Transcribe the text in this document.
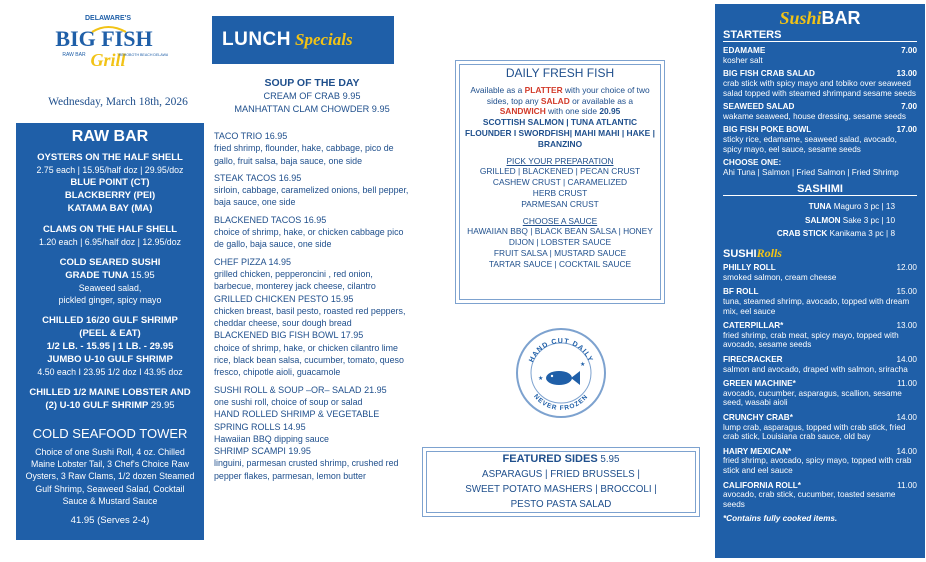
DELAWARE'S
BIG FISH
Grill
RAW BAR	REHOBOTH BEACH DELAWARE
Wednesday, March 18th, 2026
RAW BAR
OYSTERS ON THE HALF SHELL
2.75 each | 15.95/half doz | 29.95/doz
BLUE POINT (CT)
BLACKBERRY (PEI)
KATAMA BAY (MA)
CLAMS ON THE HALF SHELL
1.20 each | 6.95/half doz | 12.95/doz
COLD SEARED SUSHI
GRADE TUNA 15.95
Seaweed salad,
pickled ginger, spicy mayo
CHILLED 16/20 GULF SHRIMP
(PEEL & EAT)
1/2 LB. - 15.95 | 1 LB. - 29.95
JUMBO U-10 GULF SHRIMP
4.50 each I 23.95 1/2 doz I 43.95 doz
CHILLED 1/2 MAINE LOBSTER AND
(2) U-10 GULF SHRIMP 29.95
COLD SEAFOOD TOWER
Choice of one Sushi Roll, 4 oz. Chilled Maine Lobster Tail, 3 Chef's Choice Raw Oysters, 3 Raw Clams, 1/2 dozen Steamed Gulf Shrimp, Seaweed Salad, Cocktail Sauce & Mustard Sauce
41.95 (Serves 2-4)
LUNCH Specials
SOUP OF THE DAY
CREAM OF CRAB 9.95
MANHATTAN CLAM CHOWDER 9.95
TACO TRIO 16.95
fried shrimp, flounder, hake, cabbage, pico de gallo, fruit salsa, baja sauce, one side
STEAK TACOS 16.95
sirloin, cabbage, caramelized onions, bell pepper, baja sauce, one side
BLACKENED TACOS 16.95
choice of shrimp, hake, or chicken cabbage pico de gallo, baja sauce, one side
CHEF PIZZA 14.95
grilled chicken, pepperoncini , red onion, barbecue, monterey jack cheese, cilantro
GRILLED CHICKEN PESTO 15.95
chicken breast, basil pesto, roasted red peppers, cheddar cheese, sour dough bread
BLACKENED BIG FISH BOWL 17.95
choice of shrimp, hake, or chicken cilantro lime rice, black bean salsa, cucumber, tomato, queso fresco, chipotle aioli, guacamole
SUSHI ROLL & SOUP –OR– SALAD 21.95
one sushi roll, choice of soup or salad
HAND ROLLED SHRIMP & VEGETABLE SPRING ROLLS 14.95
Hawaiian BBQ dipping sauce
SHRIMP SCAMPI 19.95
linguini, parmesan crusted shrimp, crushed red pepper flakes, parmesan, lemon butter
DAILY FRESH FISH
Available as a PLATTER with your choice of two sides, top any SALAD or available as a SANDWICH with one side 20.95
SCOTTISH SALMON | TUNA ATLANTIC FLOUNDER I SWORDFISH| MAHI MAHI | HAKE | BRANZINO
PICK YOUR PREPARATION
GRILLED | BLACKENED | PECAN CRUST
CASHEW CRUST | CARAMELIZED
HERB CRUST
PARMESAN CRUST
CHOOSE A SAUCE
HAWAIIAN BBQ | BLACK BEAN SALSA | HONEY DIJON | LOBSTER SAUCE
FRUIT SALSA | MUSTARD SAUCE
TARTAR SAUCE | COCKTAIL SAUCE
HAND CUT DAILY
NEVER FROZEN
★
★
FEATURED SIDES 5.95
ASPARAGUS | FRIED BRUSSELS |
SWEET POTATO MASHERS | BROCCOLI |
PESTO PASTA SALAD
SushiBAR
STARTERS
EDAMAME	7.00
kosher salt
BIG FISH CRAB SALAD	13.00
crab stick with spicy mayo and tobiko over seaweed salad topped with steamed shrimpand sesame seeds
SEAWEED SALAD	7.00
wakame seaweed, house dressing, sesame seeds
BIG FISH POKE BOWL	17.00
sticky rice, edamame, seaweed salad, avocado, spicy mayo, eel sauce, sesame seeds
CHOOSE ONE:
Ahi Tuna | Salmon | Fried Salmon | Fried Shrimp
SASHIMI
TUNA Maguro 3 pc | 13
SALMON Sake 3 pc | 10
CRAB STICK Kanikama 3 pc | 8
SUSHIRolls
PHILLY ROLL	12.00
smoked salmon, cream cheese
BF ROLL	15.00
tuna, steamed shrimp, avocado, topped with dream mix, eel sauce
CATERPILLAR*	13.00
fried shrimp, crab meat, spicy mayo, topped with avocado, sesame seeds
FIRECRACKER	14.00
salmon and avocado, draped with salmon, sriracha
GREEN MACHINE*	11.00
avocado, cucumber, asparagus, scallion, sesame seed, wasabi aioli
CRUNCHY CRAB*	14.00
lump crab, asparagus, topped with crab stick, fried crab stick, Louisiana crab sauce, old bay
HAIRY MEXICAN*	14.00
fried shrimp, avocado, spicy mayo, topped with crab stick and eel sauce
CALIFORNIA ROLL*	11.00
avocado, crab stick, cucumber, toasted sesame seeds
*Contains fully cooked items.
